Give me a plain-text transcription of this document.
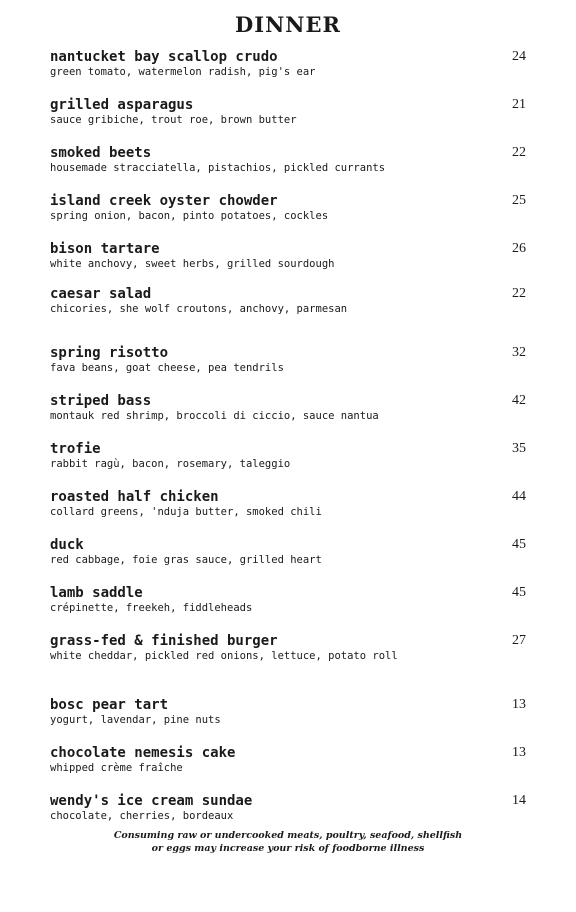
DINNER
nantucket bay scallop crudo
green tomato, watermelon radish, pig's ear
24
grilled asparagus
sauce gribiche, trout roe, brown butter
21
smoked beets
housemade stracciatella, pistachios, pickled currants
22
island creek oyster chowder
spring onion, bacon, pinto potatoes, cockles
25
bison tartare
white anchovy, sweet herbs, grilled sourdough
26
caesar salad
chicories, she wolf croutons, anchovy, parmesan
22
spring risotto
fava beans, goat cheese, pea tendrils
32
striped bass
montauk red shrimp, broccoli di ciccio, sauce nantua
42
trofie
rabbit ragù, bacon, rosemary, taleggio
35
roasted half chicken
collard greens, 'nduja butter, smoked chili
44
duck
red cabbage, foie gras sauce, grilled heart
45
lamb saddle
crépinette, freekeh, fiddleheads
45
grass-fed & finished burger
white cheddar, pickled red onions, lettuce, potato roll
27
bosc pear tart
yogurt, lavendar, pine nuts
13
chocolate nemesis cake
whipped crème fraîche
13
wendy's ice cream sundae
chocolate, cherries, bordeaux
14
Consuming raw or undercooked meats, poultry, seafood, shellfish
or eggs may increase your risk of foodborne illness
